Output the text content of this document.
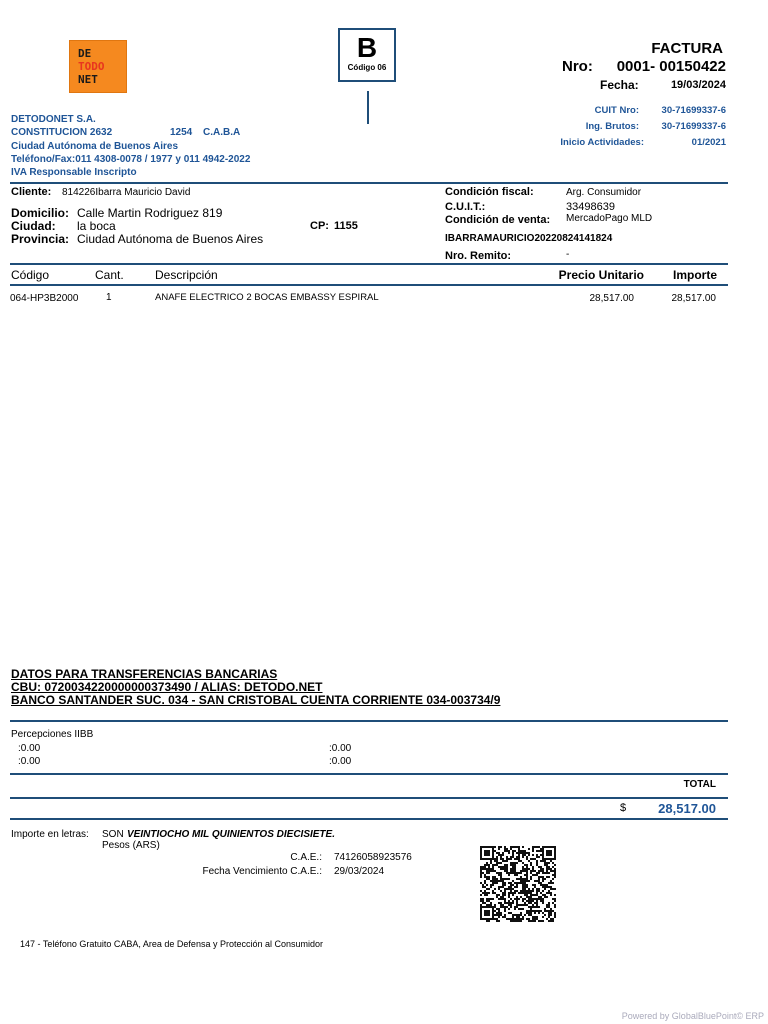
DE
TODO
NET
B
Código 06
FACTURA
Nro: 0001- 00150422
Fecha:	19/03/2024
DETODONET S.A.
CONSTITUCION 2632	1254 C.A.B.A
Ciudad Autónoma de Buenos Aires
Teléfono/Fax:011 4308-0078 / 1977 y 011 4942-2022
IVA Responsable Inscripto
CUIT Nro: 30-71699337-6
Ing. Brutos: 30-71699337-6
Inicio Actividades:	01/2021
Cliente: 814226Ibarra Mauricio David
Domicilio: Calle Martin Rodriguez 819
Ciudad: la boca	CP: 1155
Provincia: Ciudad Autónoma de Buenos Aires
Condición fiscal:	Arg. Consumidor
C.U.I.T.:	33498639
Condición de venta: MercadoPago MLD
IBARRAMAURICIO20220824141824
Nro. Remito:	-
Código	Cant.	Descripción	Precio Unitario Importe
064-HP3B2000	1	ANAFE ELECTRICO 2 BOCAS EMBASSY ESPIRAL	28,517.00	28,517.00
DATOS PARA TRANSFERENCIAS BANCARIAS
CBU: 0720034220000000373490 / ALIAS: DETODO.NET
BANCO SANTANDER SUC. 034 - SAN CRISTOBAL CUENTA CORRIENTE 034-003734/9
Percepciones IIBB
:0.00
:0.00
:0.00
:0.00
TOTAL
$ 28,517.00
Importe en letras: SON VEINTIOCHO MIL QUINIENTOS DIECISIETE.
Pesos (ARS)
C.A.E.: 74126058923576
Fecha Vencimiento C.A.E.: 29/03/2024
147 - Teléfono Gratuito CABA, Area de Defensa y Protección al Consumidor
Powered by GlobalBluePoint© ERP
